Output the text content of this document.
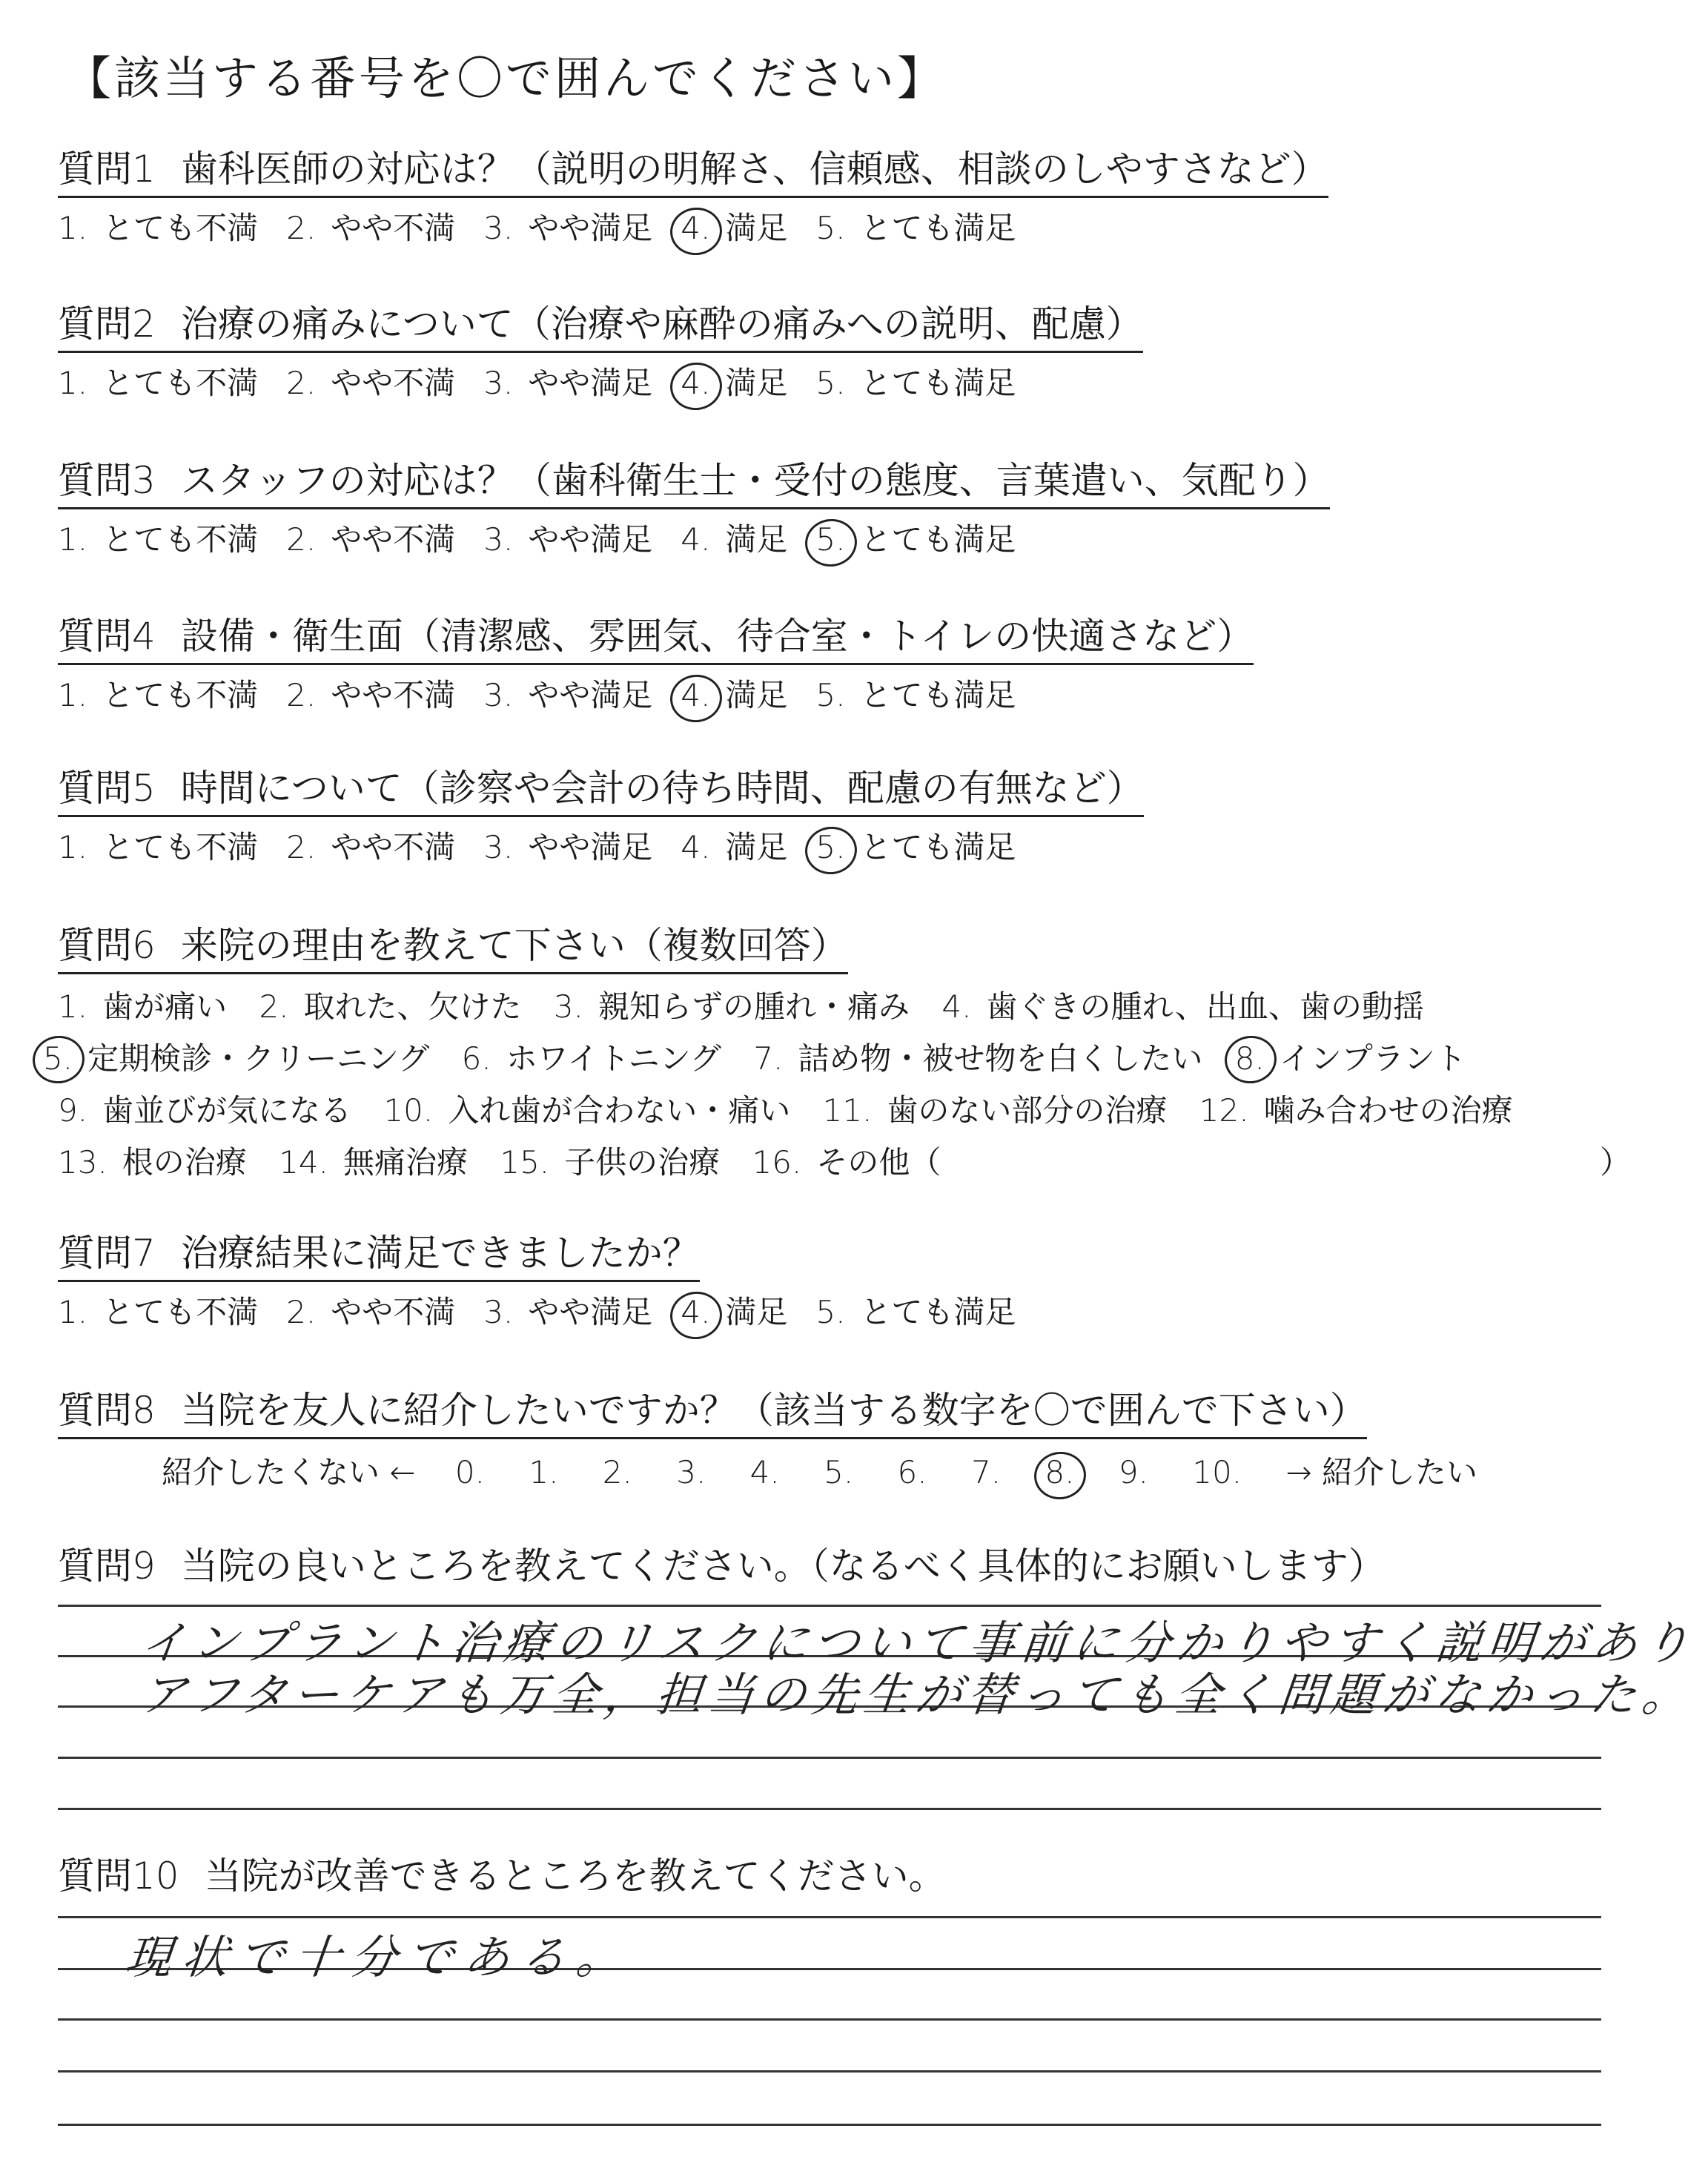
【該当する番号を〇で囲んでください】
質問1 歯科医師の対応は？（説明の明解さ、信頼感、相談のしやすさなど）
1. とても不満 2. やや不満 3. やや満足 4. 満足 5. とても満足
質問2 治療の痛みについて（治療や麻酔の痛みへの説明、配慮）
1. とても不満 2. やや不満 3. やや満足 4. 満足 5. とても満足
質問3 スタッフの対応は？（歯科衛生士・受付の態度、言葉遣い、気配り）
1. とても不満 2. やや不満 3. やや満足 4. 満足 5. とても満足
質問4 設備・衛生面（清潔感、雰囲気、待合室・トイレの快適さなど）
1. とても不満 2. やや不満 3. やや満足 4. 満足 5. とても満足
質問5 時間について（診察や会計の待ち時間、配慮の有無など）
1. とても不満 2. やや不満 3. やや満足 4. 満足 5. とても満足
質問6 来院の理由を教えて下さい（複数回答）
1. 歯が痛い 2. 取れた、欠けた 3. 親知らずの腫れ・痛み 4. 歯ぐきの腫れ、出血、歯の動揺
5. 定期検診・クリーニング 6. ホワイトニング 7. 詰め物・被せ物を白くしたい 8. インプラント
9. 歯並びが気になる 10. 入れ歯が合わない・痛い 11. 歯のない部分の治療 12. 噛み合わせの治療
13. 根の治療 14. 無痛治療 15. 子供の治療 16. その他（	）
質問7 治療結果に満足できましたか？
1. とても不満 2. やや不満 3. やや満足 4. 満足 5. とても満足
質問8 当院を友人に紹介したいですか？（該当する数字を〇で囲んで下さい）
紹介したくない ← 0. 1. 2. 3. 4. 5. 6. 7. 8. 9. 10. → 紹介したい
質問9 当院の良いところを教えてください。（なるべく具体的にお願いします）
インプラント治療のリスクについて事前に分かりやすく説明があり
アフターケアも万全，担当の先生が替っても全く問題がなかった。
質問10 当院が改善できるところを教えてください。
現状で十分である。
